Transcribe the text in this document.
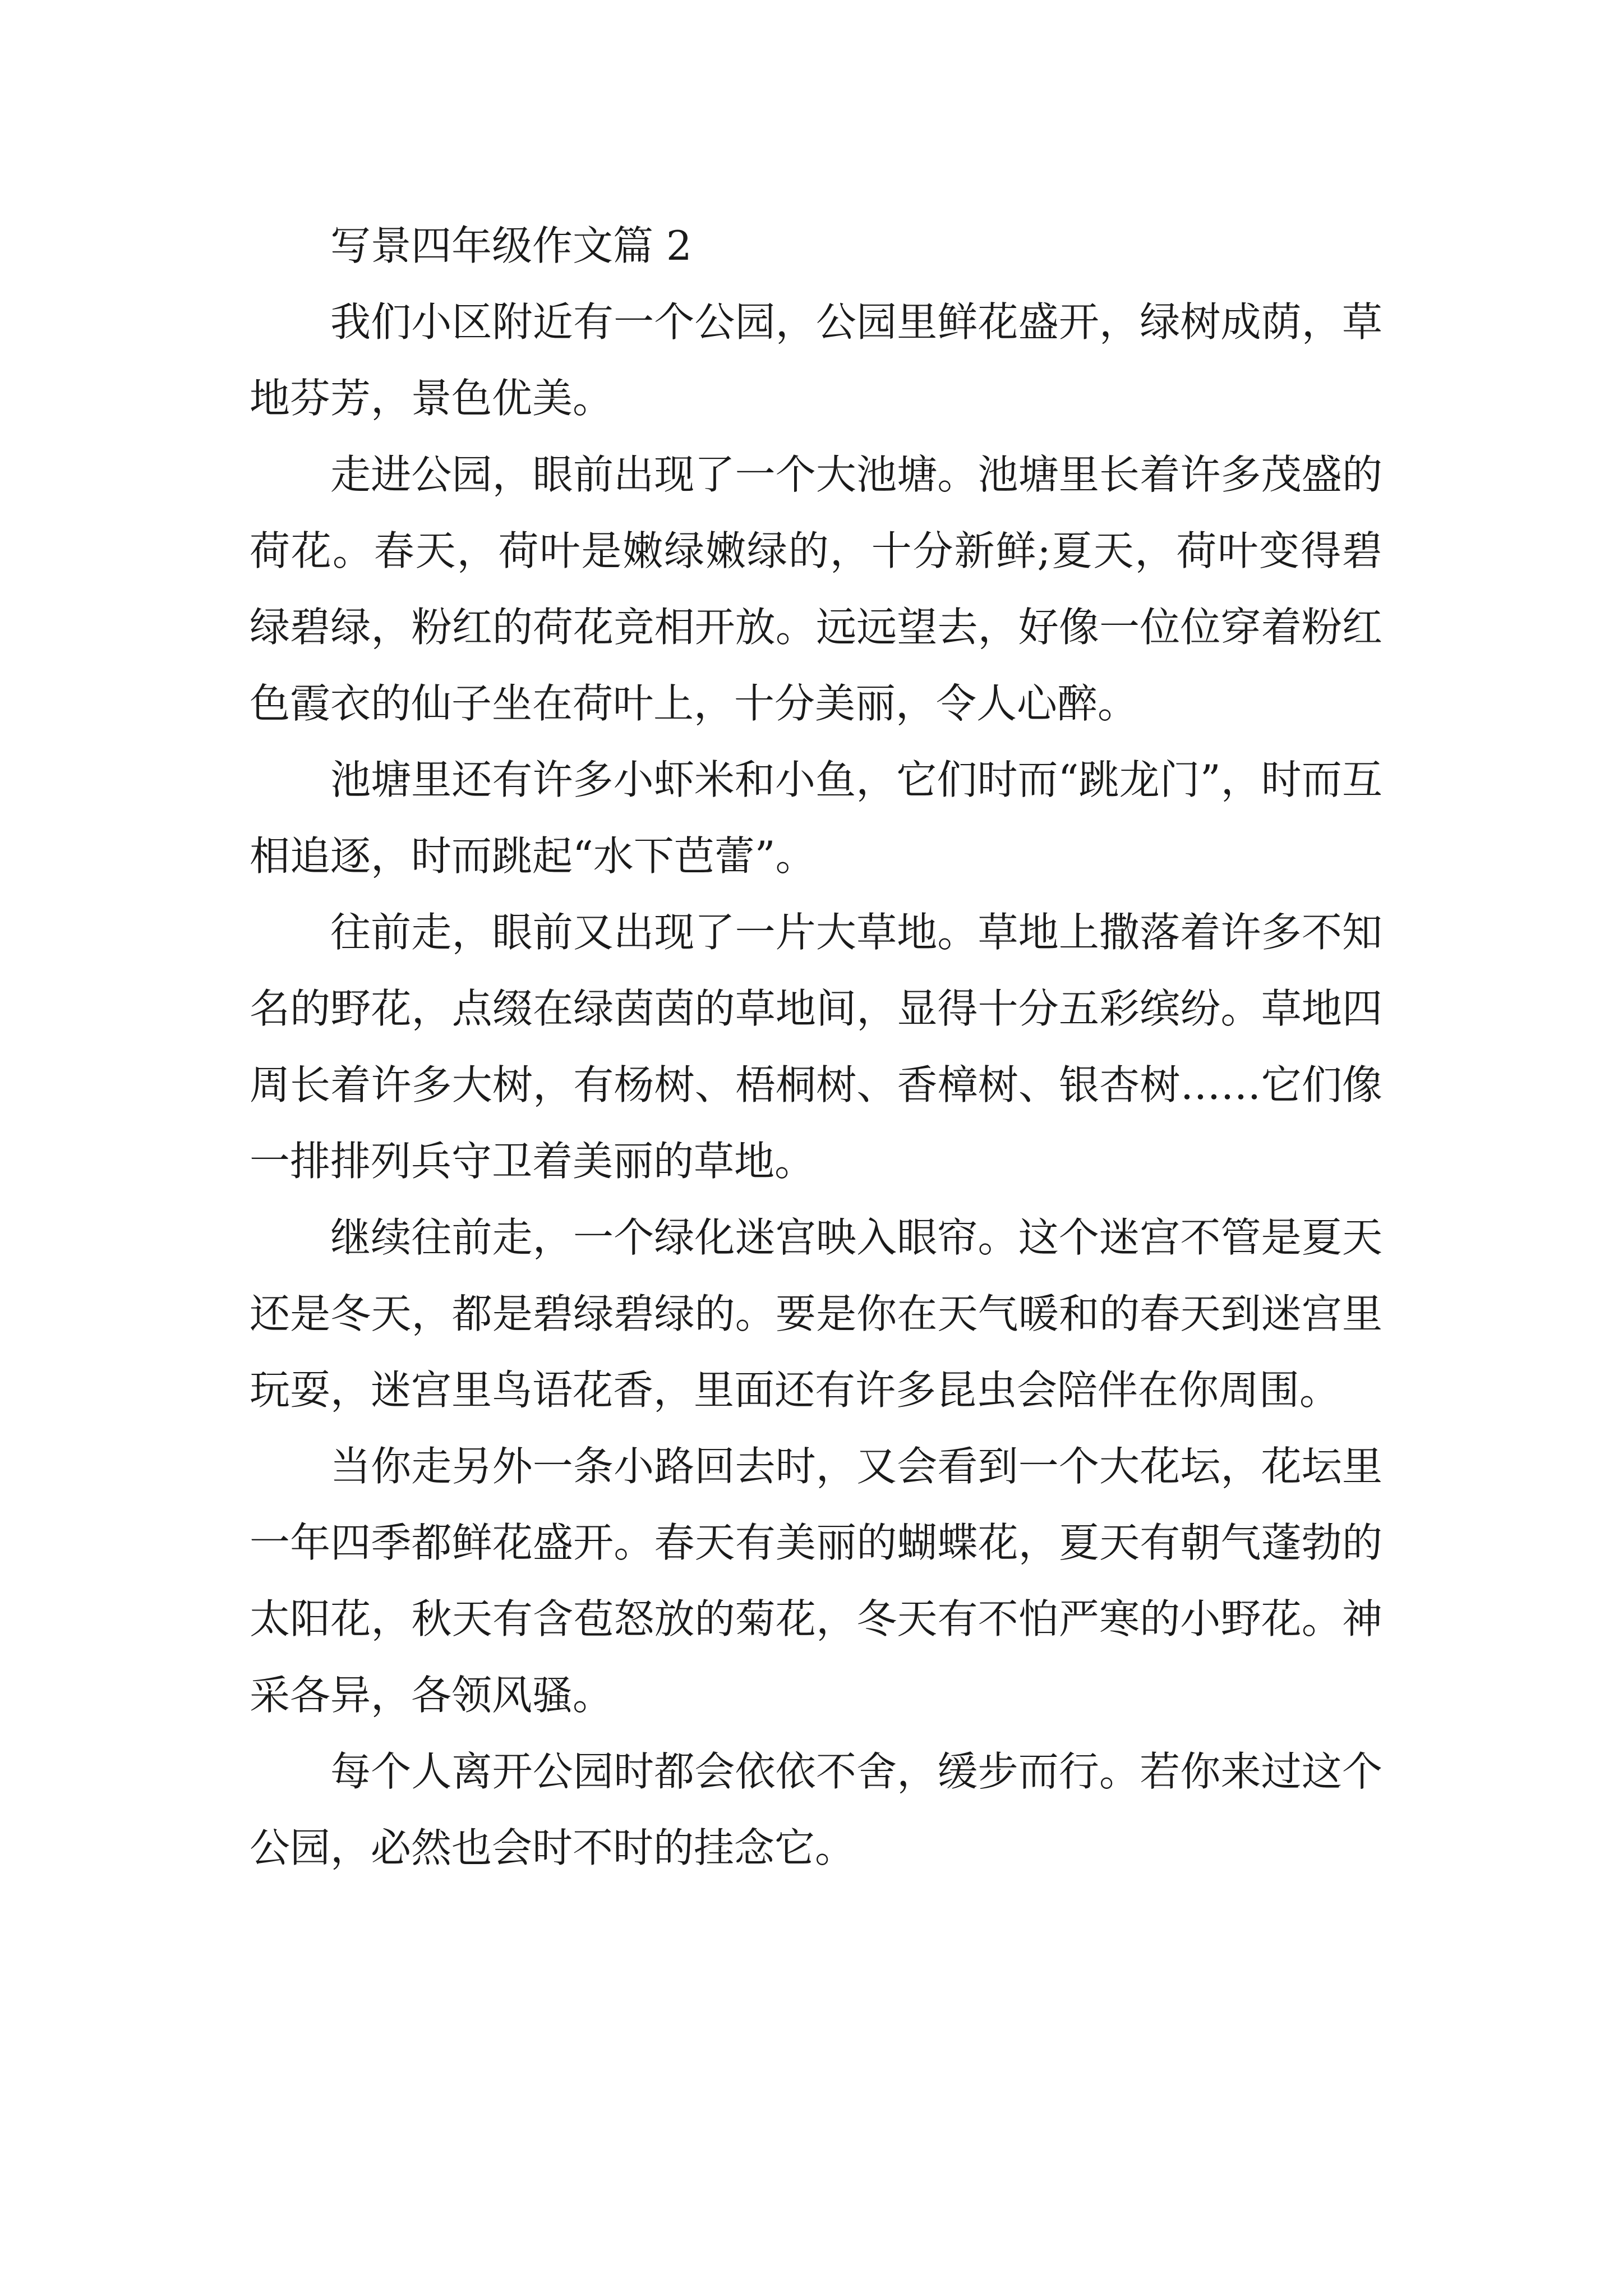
写景四年级作文篇 2

我们小区附近有一个公园，公园里鲜花盛开，绿树成荫，草地芬芳，景色优美。

走进公园，眼前出现了一个大池塘。池塘里长着许多茂盛的荷花。春天，荷叶是嫩绿嫩绿的，十分新鲜;夏天，荷叶变得碧绿碧绿，粉红的荷花竞相开放。远远望去，好像一位位穿着粉红色霞衣的仙子坐在荷叶上，十分美丽，令人心醉。

池塘里还有许多小虾米和小鱼，它们时而“跳龙门”，时而互相追逐，时而跳起“水下芭蕾”。

往前走，眼前又出现了一片大草地。草地上撒落着许多不知名的野花，点缀在绿茵茵的草地间，显得十分五彩缤纷。草地四周长着许多大树，有杨树、梧桐树、香樟树、银杏树……它们像一排排列兵守卫着美丽的草地。

继续往前走，一个绿化迷宫映入眼帘。这个迷宫不管是夏天还是冬天，都是碧绿碧绿的。要是你在天气暖和的春天到迷宫里玩耍，迷宫里鸟语花香，里面还有许多昆虫会陪伴在你周围。

当你走另外一条小路回去时，又会看到一个大花坛，花坛里一年四季都鲜花盛开。春天有美丽的蝴蝶花，夏天有朝气蓬勃的太阳花，秋天有含苞怒放的菊花，冬天有不怕严寒的小野花。神采各异，各领风骚。

每个人离开公园时都会依依不舍，缓步而行。若你来过这个公园，必然也会时不时的挂念它。
